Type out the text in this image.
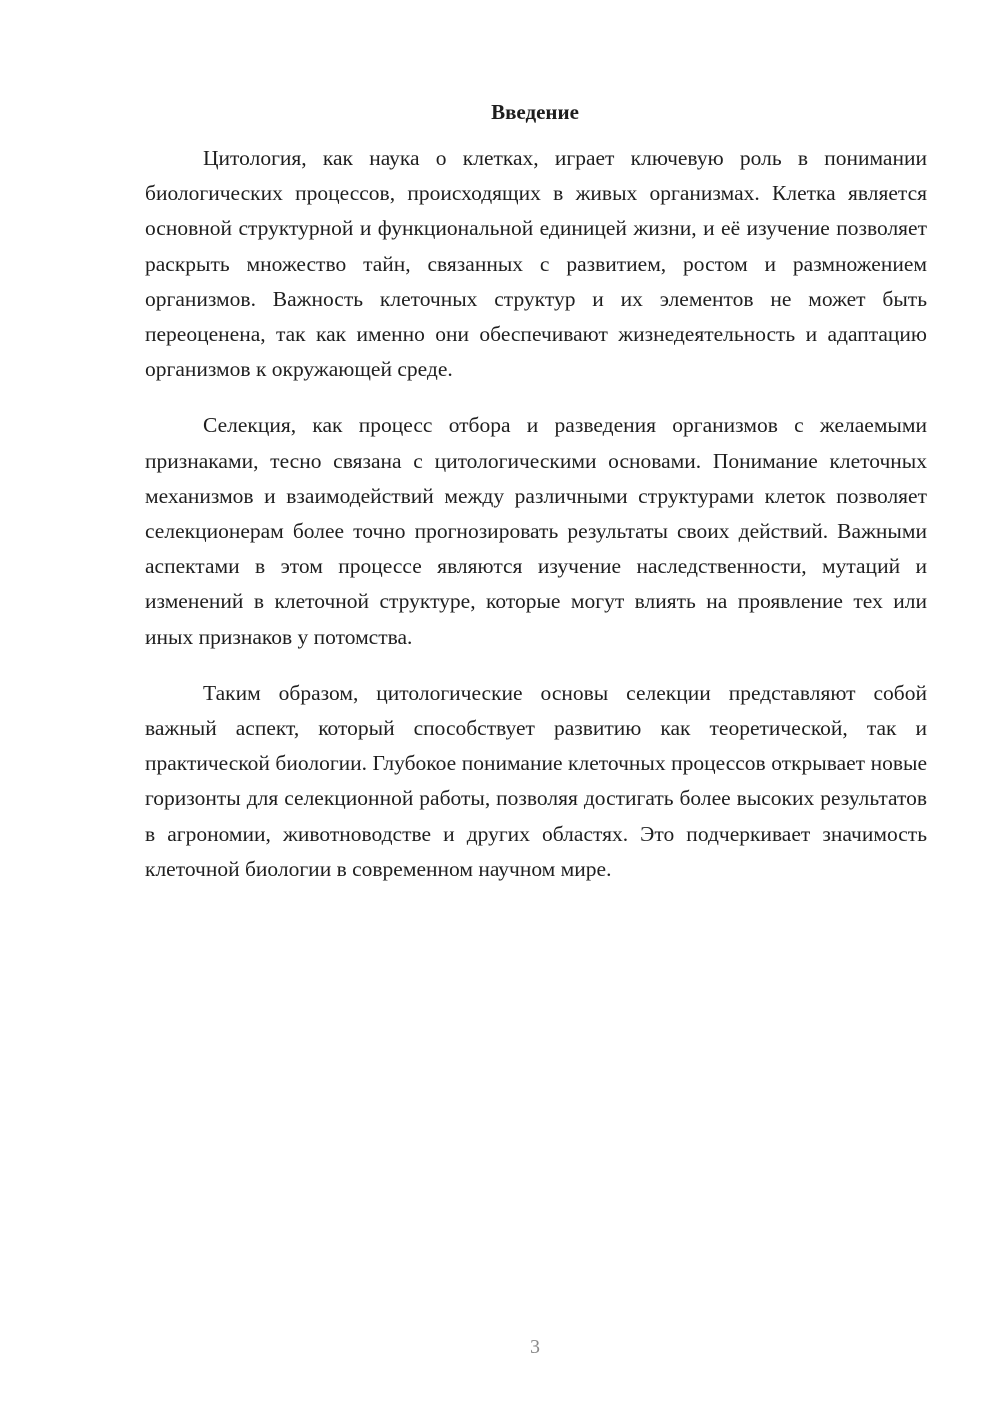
Введение

Цитология, как наука о клетках, играет ключевую роль в понимании биологических процессов, происходящих в живых организмах. Клетка является основной структурной и функциональной единицей жизни, и её изучение позволяет раскрыть множество тайн, связанных с развитием, ростом и размножением организмов. Важность клеточных структур и их элементов не может быть переоценена, так как именно они обеспечивают жизнедеятельность и адаптацию организмов к окружающей среде.

Селекция, как процесс отбора и разведения организмов с желаемыми признаками, тесно связана с цитологическими основами. Понимание клеточных механизмов и взаимодействий между различными структурами клеток позволяет селекционерам более точно прогнозировать результаты своих действий. Важными аспектами в этом процессе являются изучение наследственности, мутаций и изменений в клеточной структуре, которые могут влиять на проявление тех или иных признаков у потомства.

Таким образом, цитологические основы селекции представляют собой важный аспект, который способствует развитию как теоретической, так и практической биологии. Глубокое понимание клеточных процессов открывает новые горизонты для селекционной работы, позволяя достигать более высоких результатов в агрономии, животноводстве и других областях. Это подчеркивает значимость клеточной биологии в современном научном мире.

3
